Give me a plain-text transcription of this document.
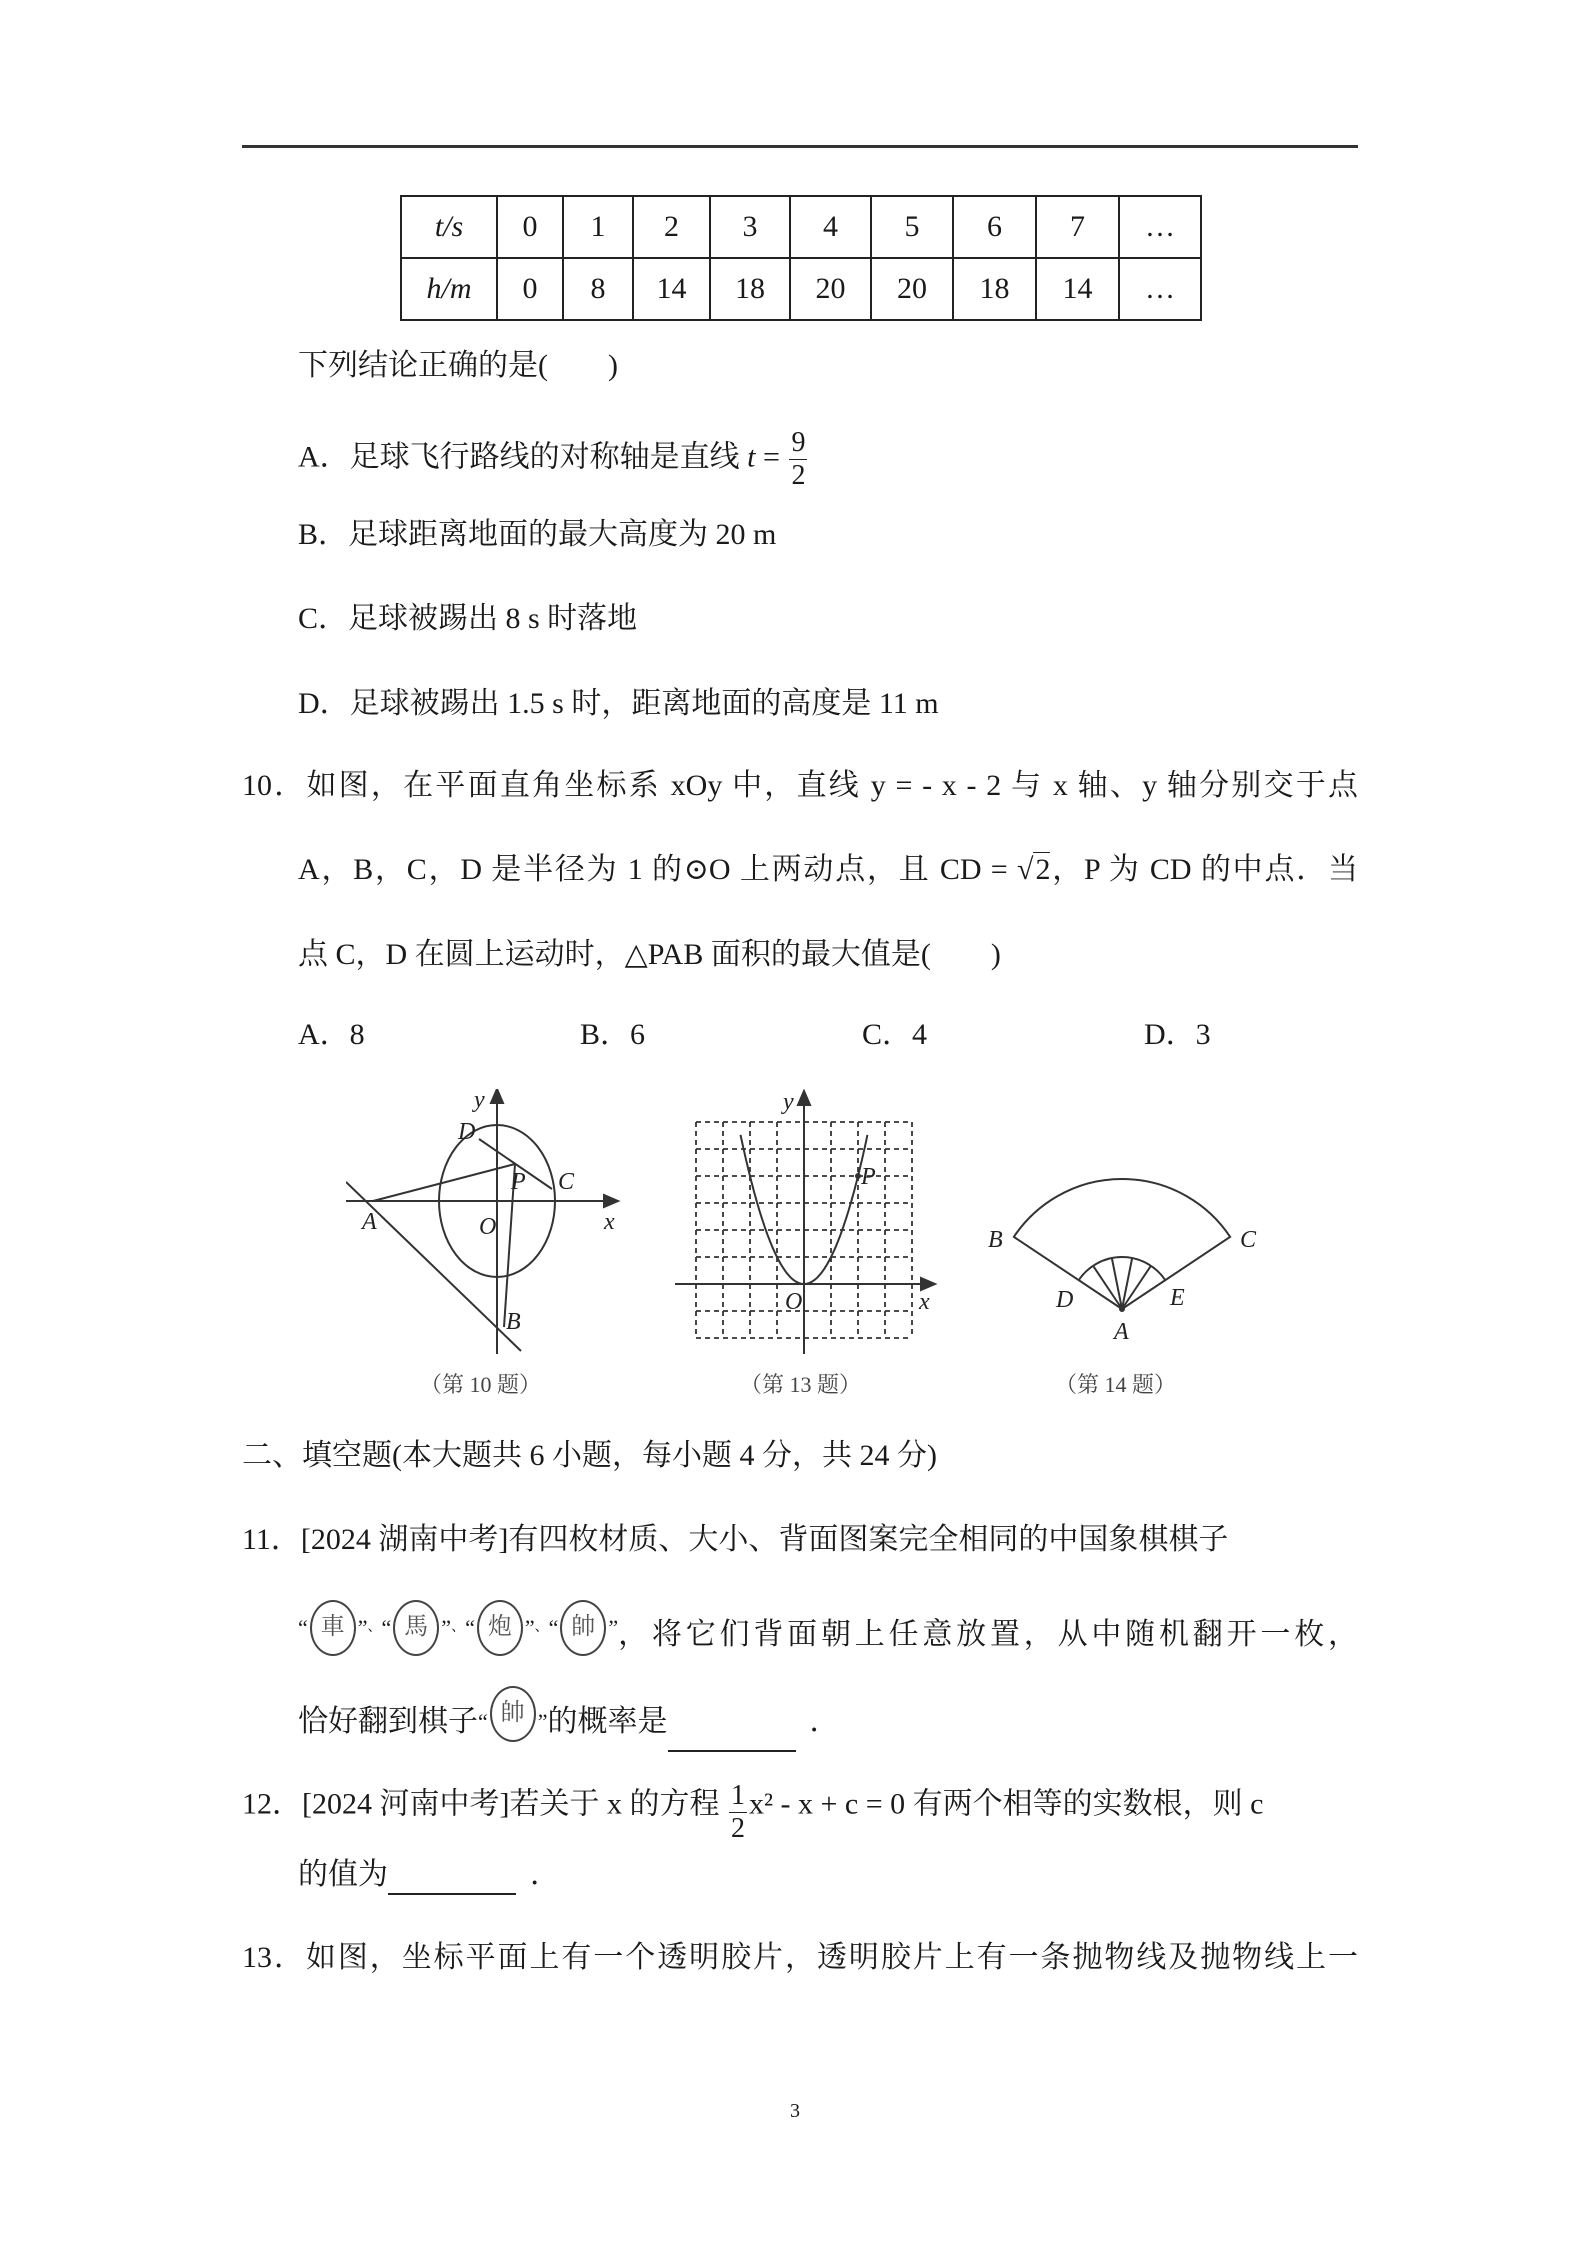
t/s	0	1	2	3	4	5	6	7	…
h/m	0	8	14	18	20	20	18	14	…
下列结论正确的是(　　)
A．足球飞行路线的对称轴是直线 $t = \frac{9}{2}$
B．足球距离地面的最大高度为 20 m
C．足球被踢出 8 s 时落地
D．足球被踢出 1.5 s 时，距离地面的高度是 11 m
10．如图，在平面直角坐标系 xOy 中，直线 y = - x - 2 与 x 轴、y 轴分别交于点
A，B，C，D 是半径为 1 的⊙O 上两动点，且 CD = √2，P 为 CD 的中点．当
点 C，D 在圆上运动时，△PAB 面积的最大值是(　　)
A．8	B．6	C．4	D．3
y
x
D
P C
A	O
B
（第 10 题）
P
y
x
O
（第 13 题）
B	C
D	E
A
（第 14 题）
二、填空题(本大题共 6 小题，每小题 4 分，共 24 分)
11．[2024 湖南中考]有四枚材质、大小、背面图案完全相同的中国象棋棋子
“ 車 ” 、 “ 馬 ” 、 “ 炮 ” 、 “ 帥 ” ，将它们背面朝上任意放置，从中随机翻开一枚，
恰好翻到棋子“ 帥 ”的概率是	．
12．[2024 河南中考]若关于 x 的方程 $\frac{1}{2} x^2 - x + c = 0$ 有两个相等的实数根，则 c
的值为	．
13．如图，坐标平面上有一个透明胶片，透明胶片上有一条抛物线及抛物线上一
3
